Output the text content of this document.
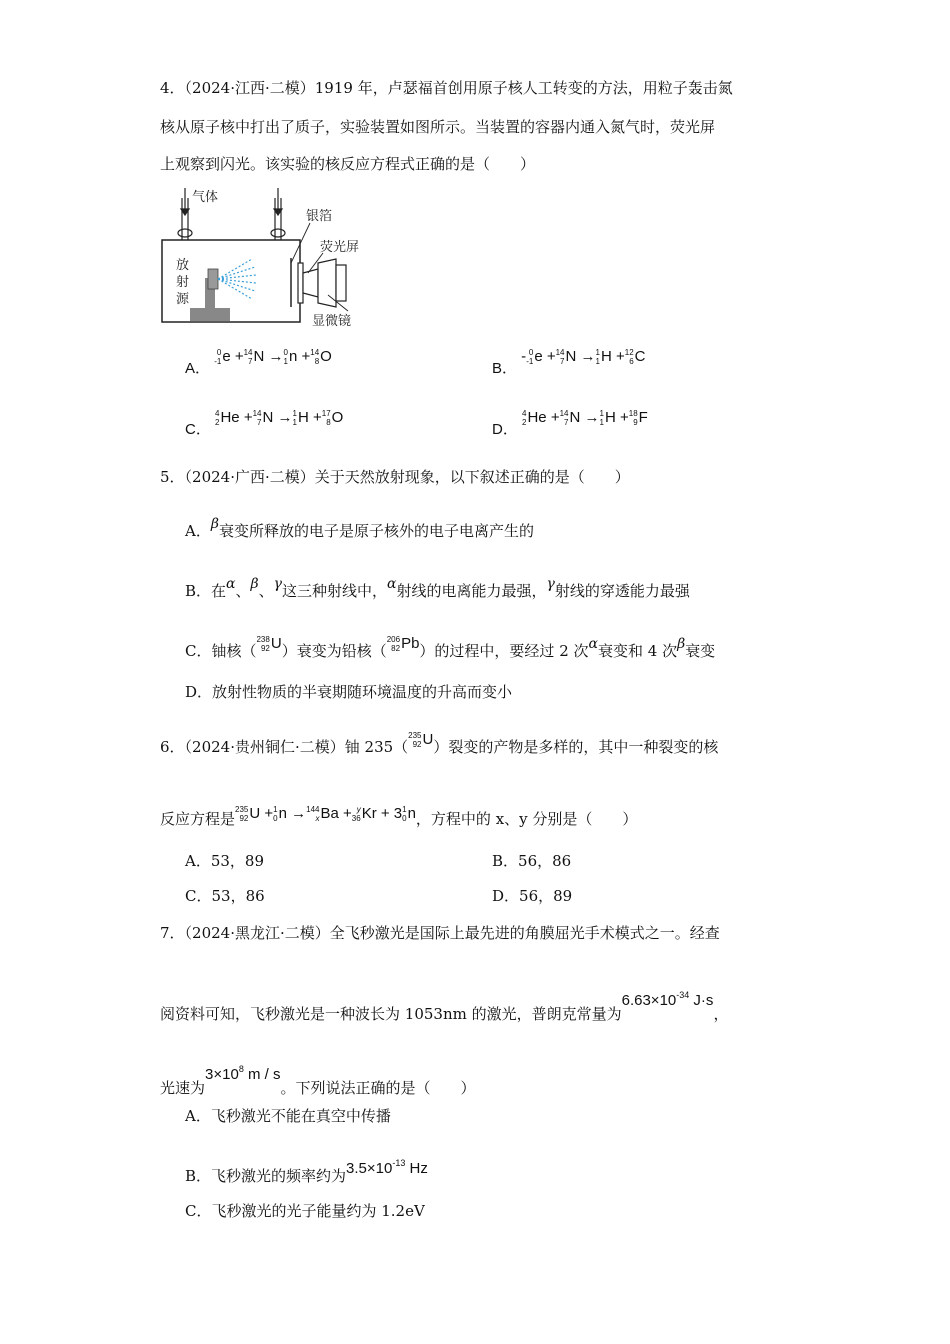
4．（2024·江西·二模）1919 年，卢瑟福首创用原子核人工转变的方法，用粒子轰击氮
核从原子核中打出了质子，实验装置如图所示。当装置的容器内通入氮气时，荧光屏
上观察到闪光。该实验的核反应方程式正确的是（　　）
气体
放
射
源
银箔
荧光屏
显微镜
A．
0
-1 e + 14
7 N → 0
1 n + 14
8 O
B． - 0
-1 e + 14
7 N → 1
1 H + 12
6 C
C．
4
2 He + 14
7 N → 1
1 H + 17
8 O
D．
4
2 He + 14
7 N → 1
1 H + 18
9 F
5．（2024·广西·二模）关于天然放射现象，以下叙述正确的是（　　）
A．β衰变所释放的电子是原子核外的电子电离产生的
B．在α、β、γ这三种射线中，α射线的电离能力最强，γ射线的穿透能力最强
C．铀核（
238
92 U）衰变为铅核（
206
82 Pb）的过程中，要经过 2 次α衰变和 4 次β衰变
D．放射性物质的半衰期随环境温度的升高而变小
6．（2024·贵州铜仁·二模）铀 235（
235
92 U）裂变的产物是多样的，其中一种裂变的核
反应方程是
235
92 U + 1
0 n → 144
x Ba + y
36 Kr + 3 1
0 n，方程中的 x、y 分别是（　　）
A．53，89	B．56，86
C．53，86	D．56，89
7．（2024·黑龙江·二模）全飞秒激光是国际上最先进的角膜屈光手术模式之一。经查
阅资料可知，飞秒激光是一种波长为 1053nm 的激光，普朗克常量为$6.63\times 10^{-34}$ J·s，
光速为$3\times 10^8$ m / s。下列说法正确的是（　　）
A．飞秒激光不能在真空中传播
B．飞秒激光的频率约为$3.5\times 10^{-13}$ Hz
C．飞秒激光的光子能量约为 1.2eV
